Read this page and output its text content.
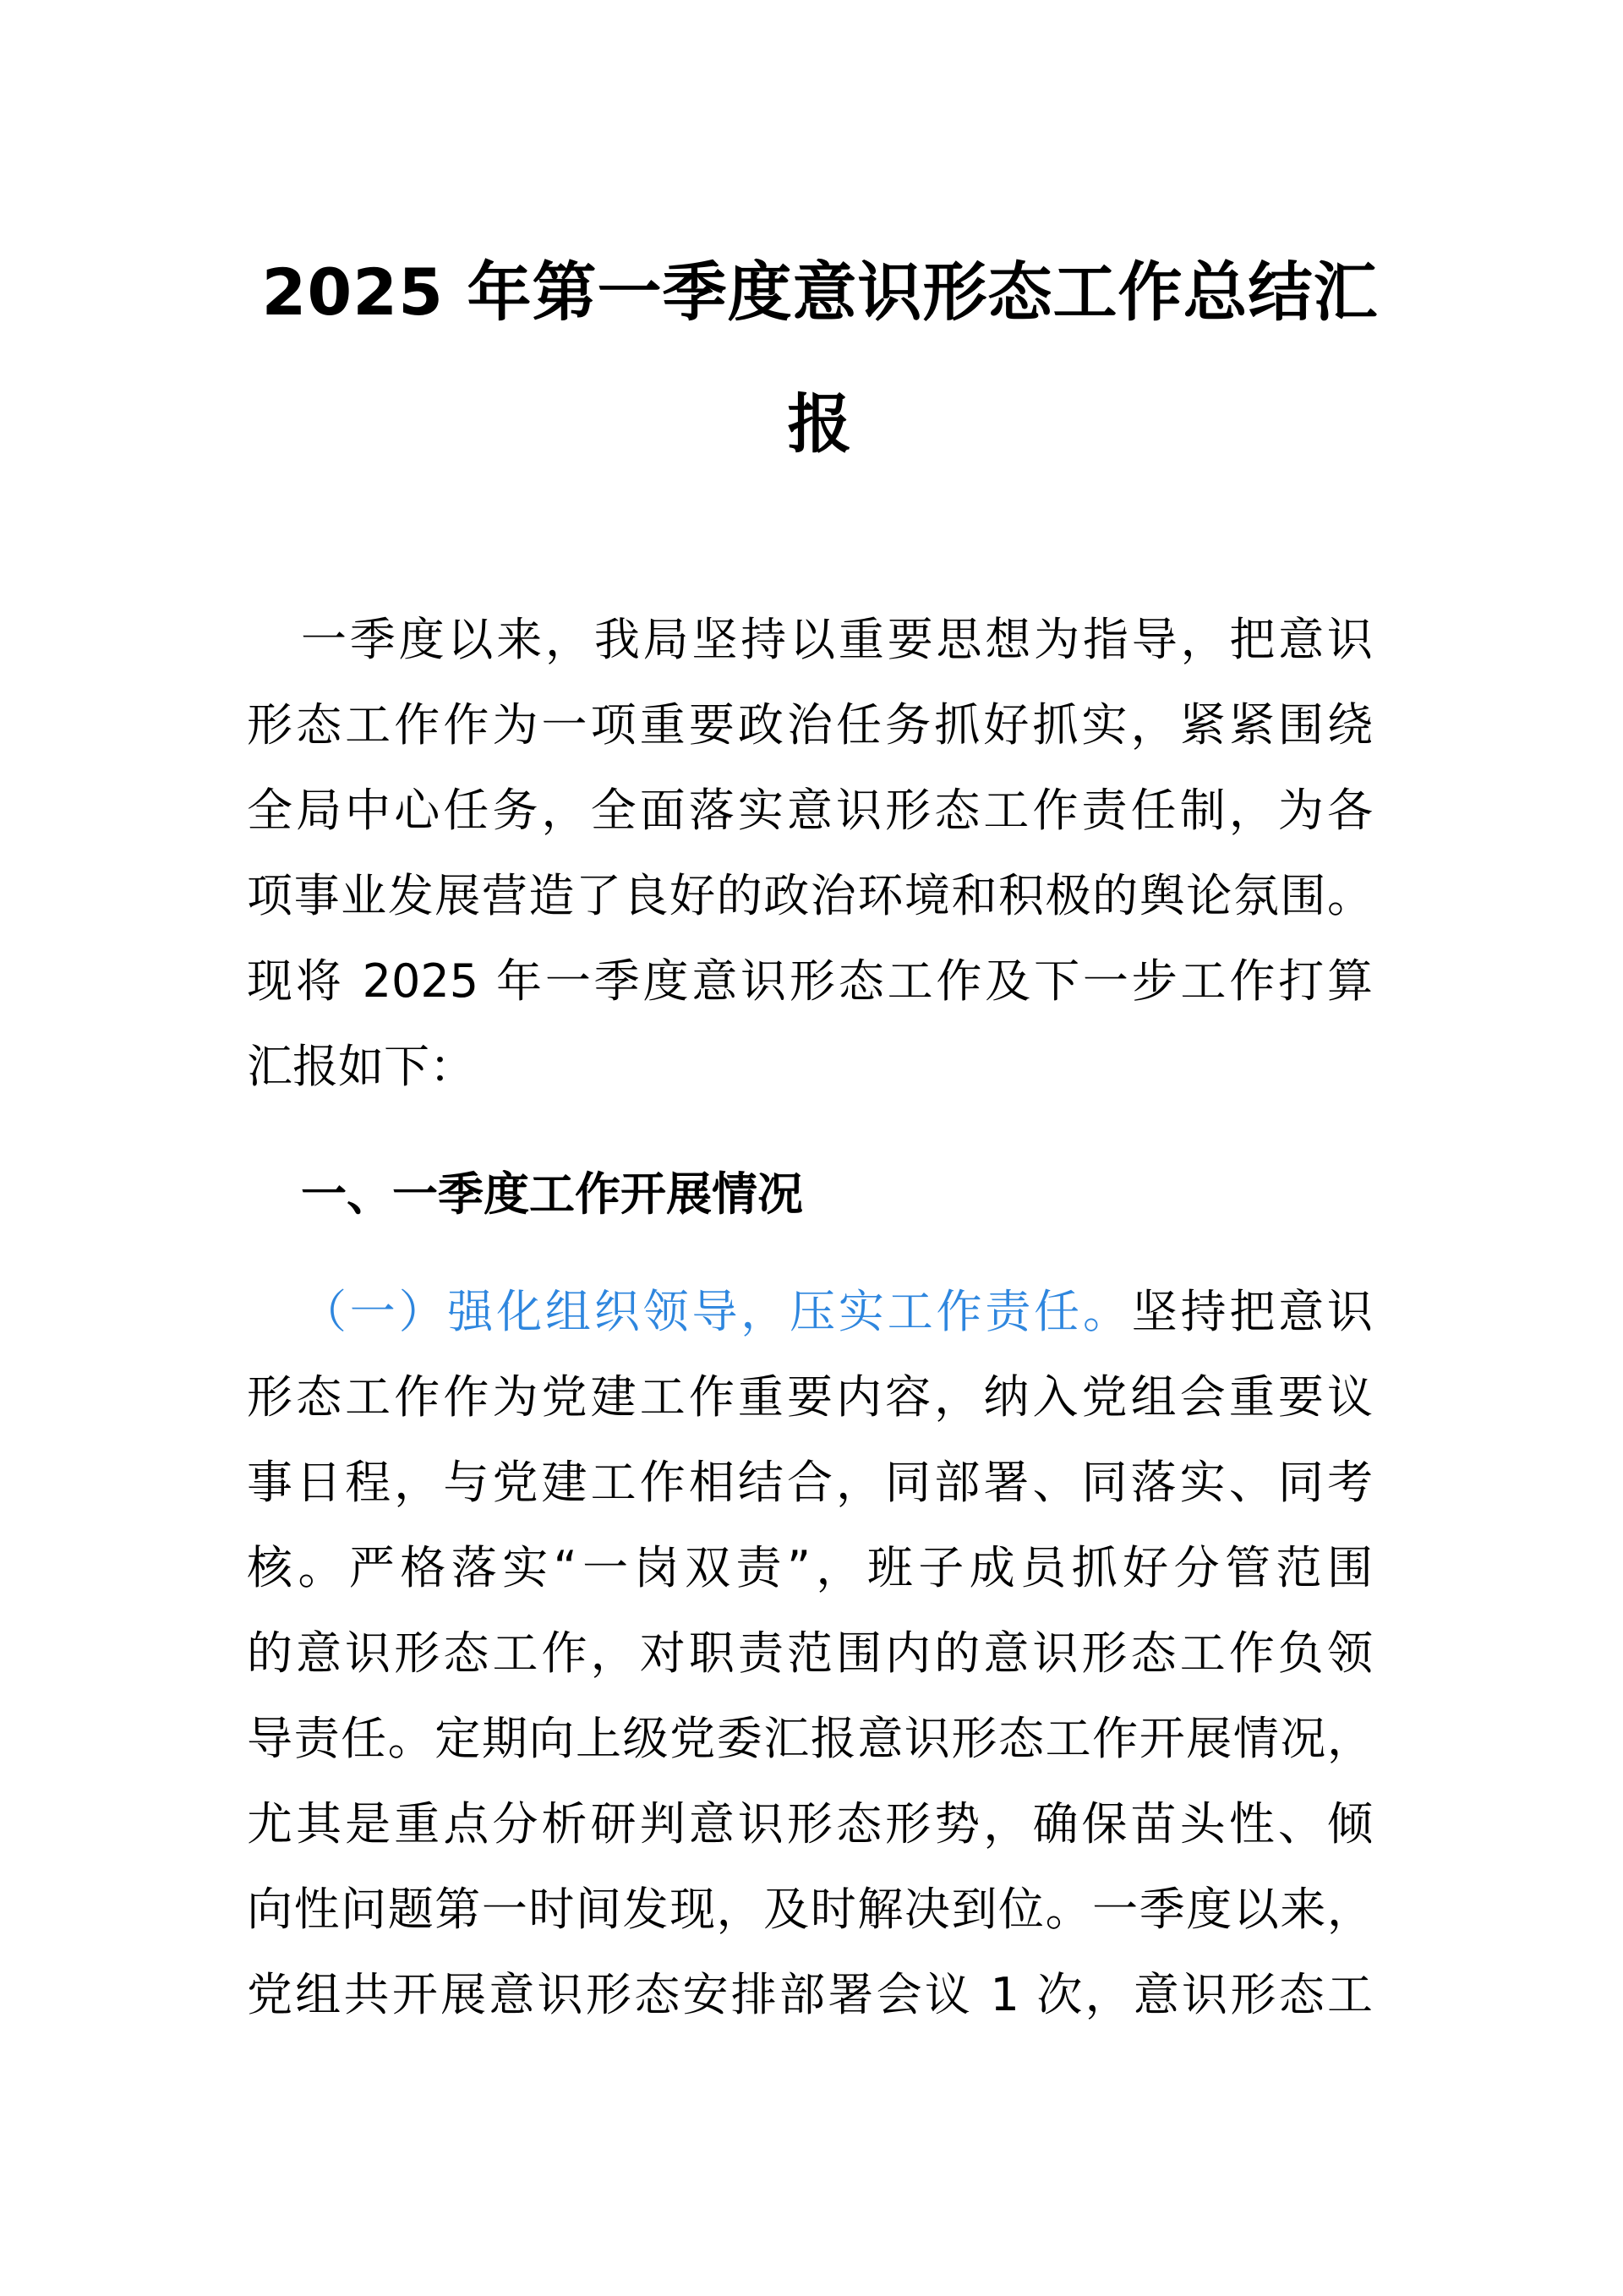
2025 年第一季度意识形态工作总结汇
报
一季度以来，我局坚持以重要思想为指导，把意识
形态工作作为一项重要政治任务抓好抓实，紧紧围绕
全局中心任务，全面落实意识形态工作责任制，为各
项事业发展营造了良好的政治环境和积极的舆论氛围。
现将 2025 年一季度意识形态工作及下一步工作打算
汇报如下：
一、一季度工作开展情况
（一）强化组织领导，压实工作责任。坚持把意识
形态工作作为党建工作重要内容，纳入党组会重要议
事日程，与党建工作相结合，同部署、同落实、同考
核。严格落实“一岗双责”，班子成员抓好分管范围
的意识形态工作，对职责范围内的意识形态工作负领
导责任。定期向上级党委汇报意识形态工作开展情况，
尤其是重点分析研判意识形态形势，确保苗头性、倾
向性问题第一时间发现，及时解决到位。一季度以来，
党组共开展意识形态安排部署会议 1 次，意识形态工
